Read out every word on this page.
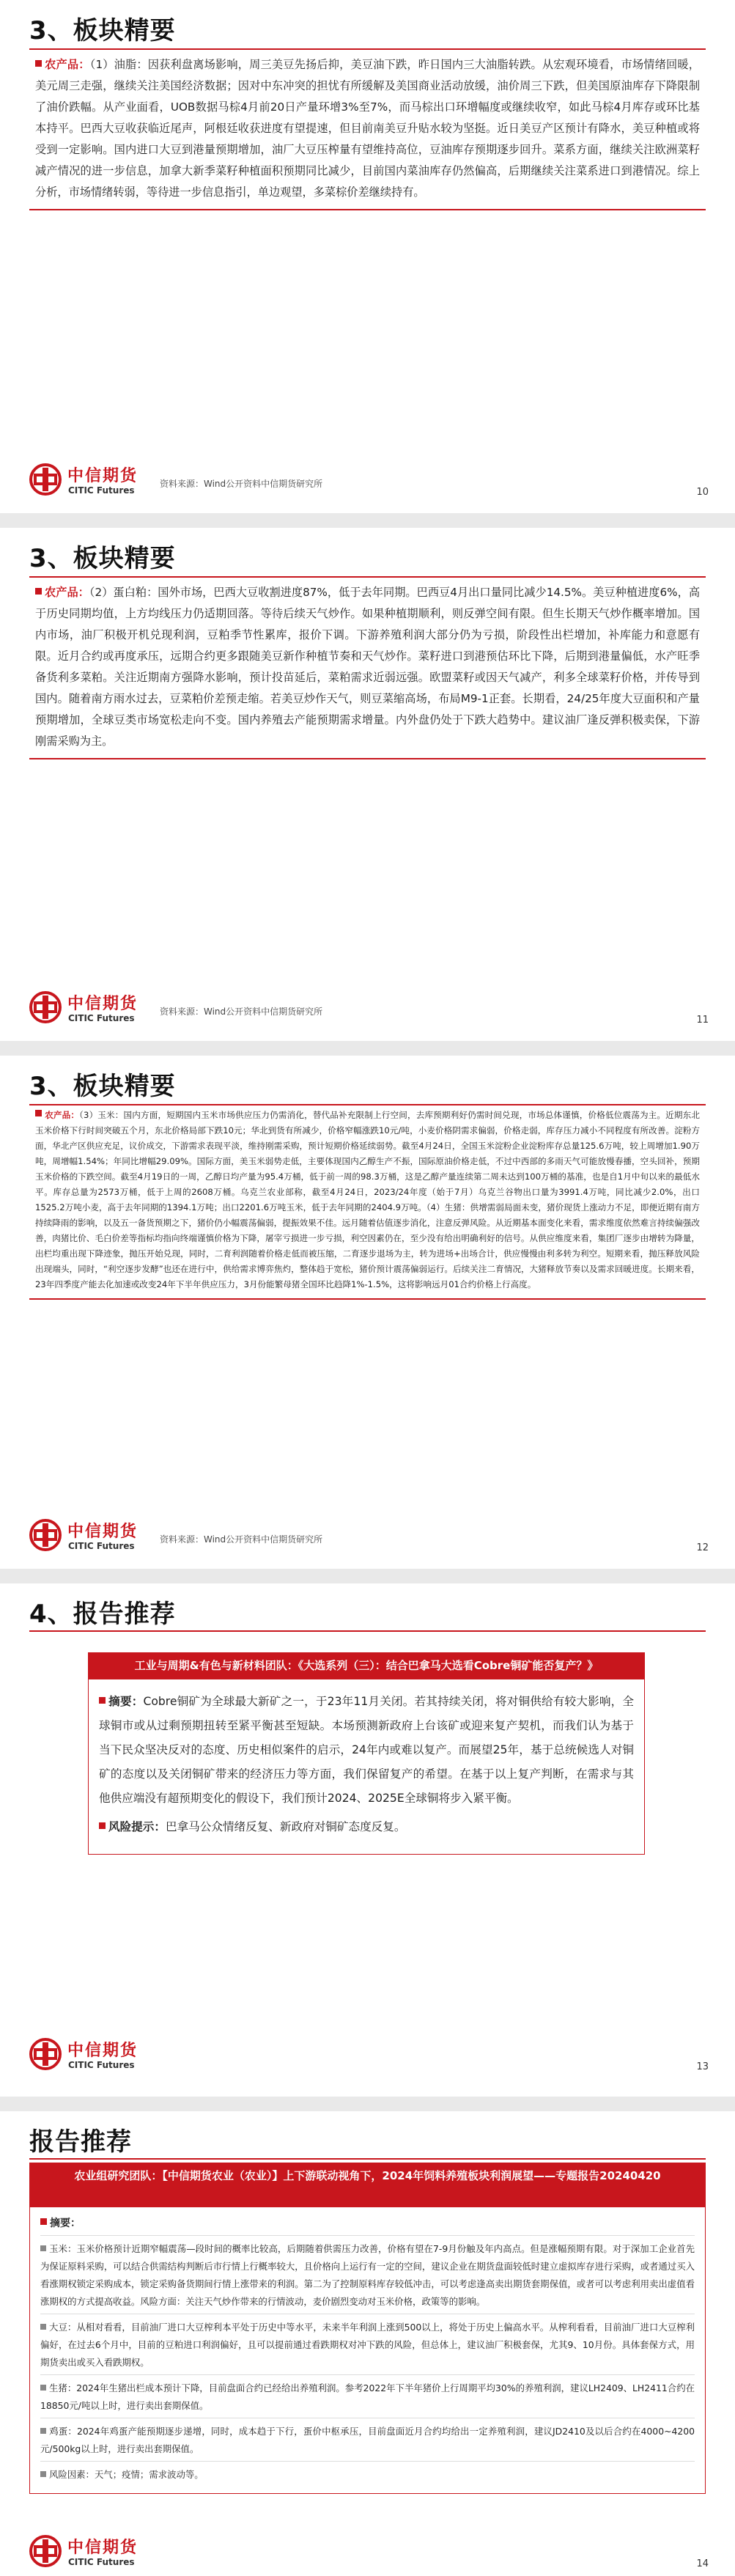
3、板块精要

农产品：（1）油脂：因获利盘离场影响，周三美豆先扬后抑，美豆油下跌，昨日国内三大油脂转跌。从宏观环境看，市场情绪回暖，美元周三走强，继续关注美国经济数据；因对中东冲突的担忧有所缓解及美国商业活动放缓，油价周三下跌，但美国原油库存下降限制了油价跌幅。从产业面看，UOB数据马棕4月前20日产量环增3%至7%，而马棕出口环增幅度或继续收窄，如此马棕4月库存或环比基本持平。巴西大豆收获临近尾声，阿根廷收获进度有望提速，但目前南美豆升贴水较为坚挺。近日美豆产区预计有降水，美豆种植或将受到一定影响。国内进口大豆到港量预期增加，油厂大豆压榨量有望维持高位，豆油库存预期逐步回升。菜系方面，继续关注欧洲菜籽减产情况的进一步信息，加拿大新季菜籽种植面积预期同比减少，目前国内菜油库存仍然偏高，后期继续关注菜系进口到港情况。综上分析，市场情绪转弱，等待进一步信息指引，单边观望，多菜棕价差继续持有。

中信期货
CITIC Futures
资料来源：Wind公开资料中信期货研究所
10
3、板块精要

农产品：（2）蛋白粕：国外市场，巴西大豆收割进度87%，低于去年同期。巴西豆4月出口量同比减少14.5%。美豆种植进度6%，高于历史同期均值，上方均线压力仍适期回落。等待后续天气炒作。如果种植期顺利，则反弹空间有限。但生长期天气炒作概率增加。国内市场，油厂积极开机兑现利润，豆粕季节性累库，报价下调。下游养殖利润大部分仍为亏损，阶段性出栏增加，补库能力和意愿有限。近月合约或再度承压，远期合约更多跟随美豆新作种植节奏和天气炒作。菜籽进口到港预估环比下降，后期到港量偏低，水产旺季备货利多菜粕。关注近期南方强降水影响，预计投苗延后，菜粕需求近弱远强。欧盟菜籽或因天气减产，利多全球菜籽价格，并传导到国内。随着南方雨水过去，豆菜粕价差预走缩。若美豆炒作天气，则豆菜缩高场，布局M9-1正套。长期看，24/25年度大豆面积和产量预期增加，全球豆类市场宽松走向不变。国内养殖去产能预期需求增量。内外盘仍处于下跌大趋势中。建议油厂逢反弹积极卖保，下游刚需采购为主。

中信期货
CITIC Futures
资料来源：Wind公开资料中信期货研究所
11
3、板块精要

农产品：（3）玉米：国内方面，短期国内玉米市场供应压力仍需消化，替代品补充限制上行空间，去库预期利好仍需时间兑现，市场总体谨慎，价格低位震荡为主。近期东北玉米价格下行时间突破五个月，东北价格局部下跌10元；华北到货有所减少，价格窄幅涨跌10元/吨，小麦价格阴需求偏弱，价格走弱，库存压力减小不同程度有所改善。淀粉方面，华北产区供应充足，议价成交，下游需求表现平淡，维持刚需采购，预计短期价格延续弱势。截至4月24日，全国玉米淀粉企业淀粉库存总量125.6万吨，较上周增加1.90万吨，周增幅1.54%；年同比增幅29.09%。国际方面，美玉米弱势走低，主要体现国内乙醇生产不振，国际原油价格走低，不过中西部的多雨天气可能放慢春播，空头回补，预期玉米价格的下跌空间。截至4月19日的一周，乙醇日均产量为95.4万桶，低于前一周的98.3万桶，这是乙醇产量连续第二周未达到100万桶的基准，也是自1月中旬以来的最低水平。库存总量为2573万桶，低于上周的2608万桶。乌克兰农业部称，截至4月24日，2023/24年度（始于7月）乌克兰谷物出口量为3991.4万吨，同比减少2.0%，出口1525.2万吨小麦，高于去年同期的1394.1万吨；出口2201.6万吨玉米，低于去年同期的2404.9万吨。（4）生猪：供增需弱局面未变，猪价现货上涨动力不足，即便近期有南方持续降雨的影响，以及五一备货预期之下，猪价仍小幅震荡偏弱，提振效果不佳。远月随着估值逐步消化，注意反弹风险。从近期基本面变化来看，需求维度依然难言持续偏强改善，肉猪比价、毛白价差等指标均指向终端谨慎价格为下降，屠宰亏损进一步亏损，利空因素仍在，至少没有给出明确利好的信号。从供应维度来看，集团厂逐步由增转为降量，出栏均重出现下降迹象，抛压开始兑现，同时，二育利润随着价格走低而被压缩，二育逐步退场为主，转为进场+出场合计，供应慢慢由利多转为利空。短期来看，抛压释放风险出现端头，同时，“利空逐步发酵”也还在进行中，供给需求博弈焦灼，整体趋于宽松，猪价预计震荡偏弱运行。后续关注二育情况，大猪释放节奏以及需求回暖进度。长期来看，23年四季度产能去化加速或改变24年下半年供应压力，3月份能繁母猪全国环比趋降1%-1.5%，这将影响远月01合约价格上行高度。

中信期货
CITIC Futures
资料来源：Wind公开资料中信期货研究所
12
4、报告推荐
工业与周期&有色与新材料团队：《大选系列（三）：结合巴拿马大选看Cobre铜矿能否复产？》

摘要：Cobre铜矿为全球最大新矿之一，于23年11月关闭。若其持续关闭，将对铜供给有较大影响，全球铜市或从过剩预期扭转至紧平衡甚至短缺。本场预测新政府上台该矿或迎来复产契机，而我们认为基于当下民众坚决反对的态度、历史相似案件的启示，24年内或难以复产。而展望25年，基于总统候选人对铜矿的态度以及关闭铜矿带来的经济压力等方面，我们保留复产的希望。在基于以上复产判断，在需求与其他供应端没有超预期变化的假设下，我们预计2024、2025E全球铜将步入紧平衡。

风险提示：巴拿马公众情绪反复、新政府对铜矿态度反复。

中信期货
CITIC Futures	13
报告推荐
农业组研究团队：【中信期货农业（农业）】上下游联动视角下，2024年饲料养殖板块利润展望——专题报告20240420

摘要：

玉米：玉米价格预计近期窄幅震荡—段时间的概率比较高，后期随着供需压力改善，价格有望在7-9月份触及年内高点。但是涨幅预期有限。对于深加工企业首先为保证原料采购，可以结合供需结构判断后市行情上行概率较大，且价格向上运行有一定的空间，建议企业在期货盘面较低时建立虚拟库存进行采购，或者通过买入看涨期权锁定采购成本，锁定采购备货期间行情上涨带来的利润。第二为了控制原料库存较低冲击，可以考虑逢高卖出期货套期保值，或者可以考虑利用卖出虚值看涨期权的方式提高收益。风险方面：关注天气炒作带来的行情波动，麦价剧烈变动对玉米价格，政策等的影响。

大豆：从相对看看，目前油厂进口大豆榨利本平处于历史中等水平，未来半年利润上涨到500以上，将处于历史上偏高水平。从榨利看看，目前油厂进口大豆榨利偏好，在过去6个月中，目前的豆粕进口利润偏好，且可以提前通过看跌期权对冲下跌的风险，但总体上，建议油厂积极套保，尤其9、10月份。具体套保方式，用期货卖出或买入看跌期权。

生猪：2024年生猪出栏成本预计下降，目前盘面合约已经给出养殖利润。参考2022年下半年猪价上行周期平均30%的养殖利润，建议LH2409、LH2411合约在18850元/吨以上时，进行卖出套期保值。

鸡蛋：2024年鸡蛋产能预期逐步递增，同时，成本趋于下行，蛋价中枢承压，目前盘面近月合约均给出一定养殖利润，建议JD2410及以后合约在4000~4200元/500kg以上时，进行卖出套期保值。

风险因素：天气；疫情；需求波动等。

中信期货
CITIC Futures	14
